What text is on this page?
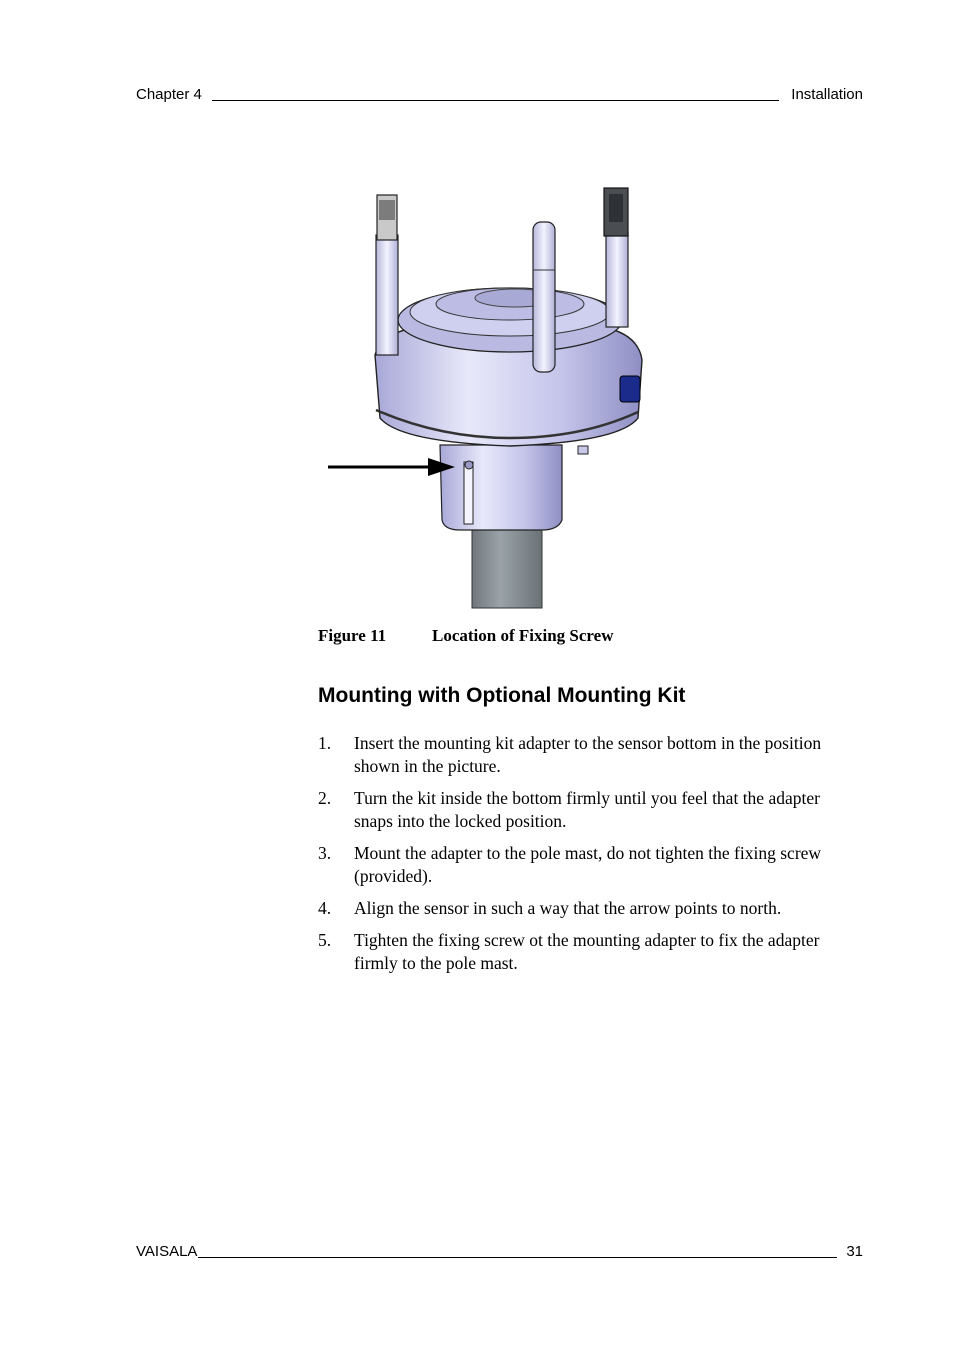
Chapter 4	Installation
Figure 11	Location of Fixing Screw
Mounting with Optional Mounting Kit
1.	Insert the mounting kit adapter to the sensor bottom in the position shown in the picture.
2.	Turn the kit inside the bottom firmly until you feel that the adapter snaps into the locked position.
3.	Mount the adapter to the pole mast, do not tighten the fixing screw (provided).
4.	Align the sensor in such a way that the arrow points to north.
5.	Tighten the fixing screw ot the mounting adapter to fix the adapter firmly to the pole mast.
VAISALA	31
